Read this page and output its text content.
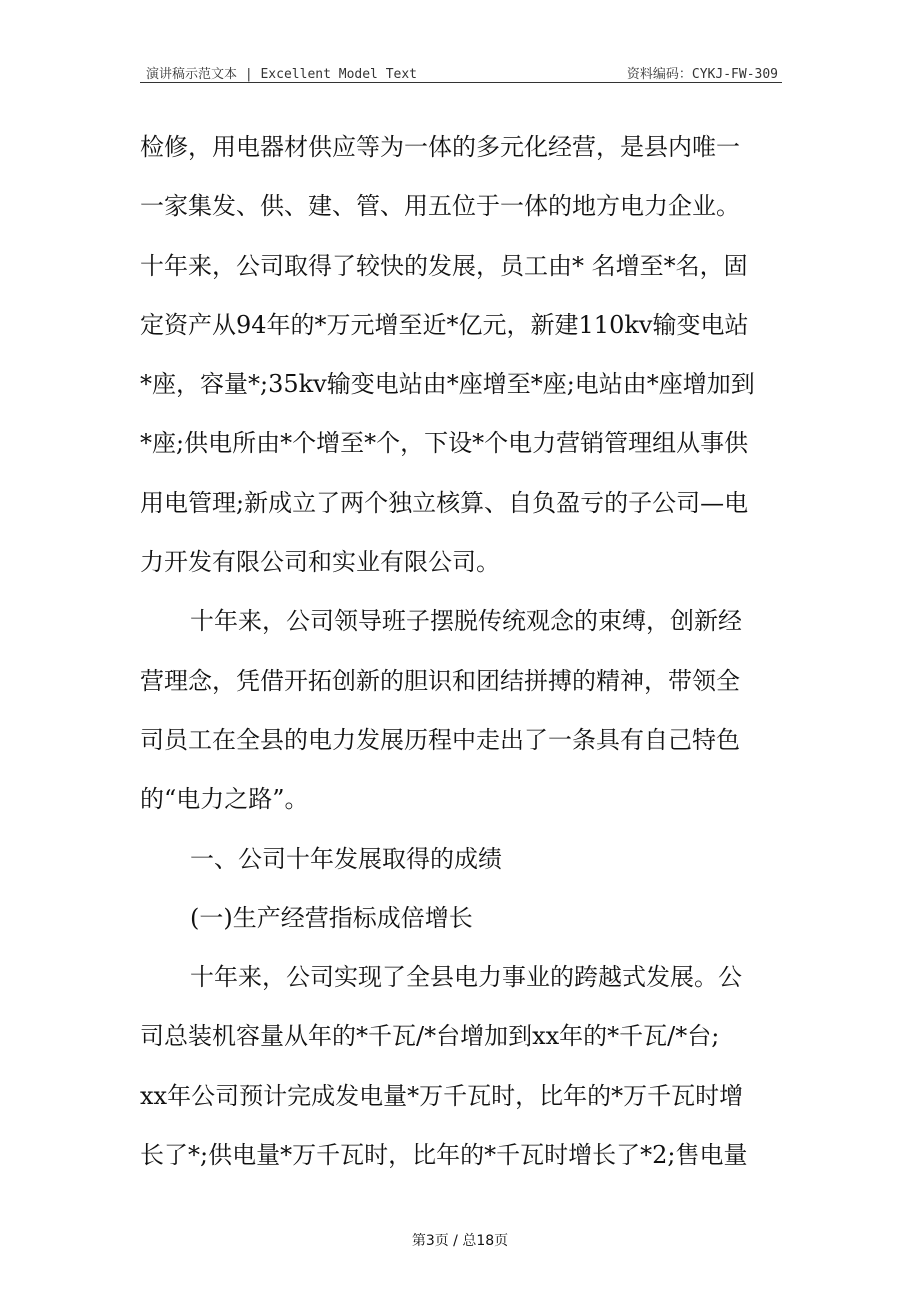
演讲稿示范文本 | Excellent Model Text	资料编码：CYKJ-FW-309
检修，用电器材供应等为一体的多元化经营，是县内唯一
一家集发、供、建、管、用五位于一体的地方电力企业。
十年来，公司取得了较快的发展，员工由* 名增至*名，固
定资产从94年的*万元增至近*亿元，新建110kv输变电站
*座，容量*;35kv输变电站由*座增至*座;电站由*座增加到
*座;供电所由*个增至*个，下设*个电力营销管理组从事供
用电管理;新成立了两个独立核算、自负盈亏的子公司—电
力开发有限公司和实业有限公司。
十年来，公司领导班子摆脱传统观念的束缚，创新经
营理念，凭借开拓创新的胆识和团结拼搏的精神，带领全
司员工在全县的电力发展历程中走出了一条具有自己特色
的“电力之路”。
一、公司十年发展取得的成绩
(一)生产经营指标成倍增长
十年来，公司实现了全县电力事业的跨越式发展。公
司总装机容量从年的*千瓦/*台增加到xx年的*千瓦/*台;
xx年公司预计完成发电量*万千瓦时，比年的*万千瓦时增
长了*;供电量*万千瓦时，比年的*千瓦时增长了*2;售电量
第3页 / 总18页
